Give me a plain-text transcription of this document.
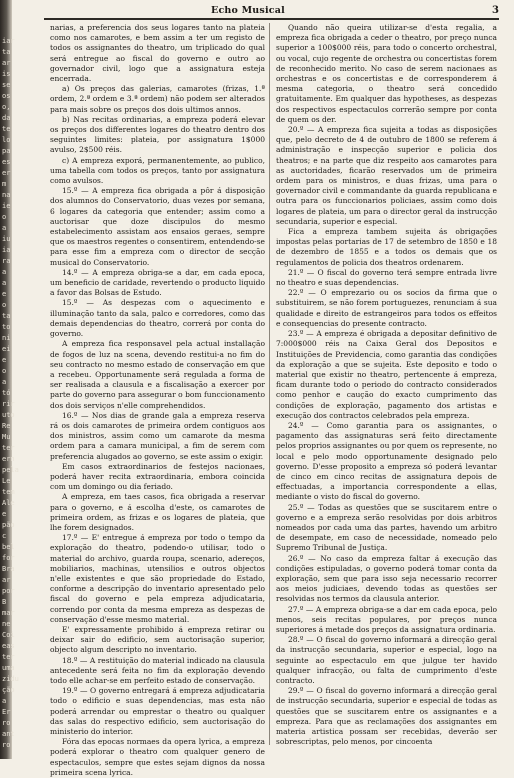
iar
ta
ar
is
se
os
o,
da
te
lo
pa
es
er
m
na
ie
o
a
iu
ia
ra
a
a
e
o
ta
to
ni
ei
e
o
a
tó
rir
uto
Re
Mu
ter
ern
pela
Le
tem
Ale
e
pão
c
bel
for
Bra
ar
por
B
mar
ne
Coi
eas
ter
uma
zidu
ção
a
Er
ro
ant
ro
Echo Musical	3

narias, a preferencia dos seus logares tanto na plateia como nos camarotes, e bem assim a ter um registo de todos os assignantes do theatro, um triplicado do qual será entregue ao fiscal do governo e outro ao governador civil, logo que a assignatura esteja encerrada.

a) Os preços das galerias, camarotes (frizas, 1.ª ordem, 2.ª ordem e 3.ª ordem) não podem ser alterados para mais sobre os preços dos dois ultimos annos.

b) Nas recitas ordinarias, a empreza poderá elevar os preços dos differentes logares do theatro dentro dos seguintes limites: plateia, por assignatura 1$000 avulso, 2$500 réis.

c) A empreza exporá, permanentemente, ao publico, uma tabella com todos os preços, tanto por assignatura como avulsos.

15.º — A empreza fica obrigada a pôr á disposição dos alumnos do Conservatorio, duas vezes por semana, 6 logares da categoria que entender; assim como a auctorisar que doze discipulos do mesmo estabelecimento assistam aos ensaios geraes, sempre que os maestros regentes o consentirem, entendendo-se para esse fim a empreza com o director de secção musical do Conservatorio.

14.º — A empreza obriga-se a dar, em cada epoca, um beneficio de caridade, revertendo o producto liquido a favor das Bolsas de Estudo.

15.º — As despezas com o aquecimento e illuminação tanto da sala, palco e corredores, como das demais dependencias do theatro, correrá por conta do governo.

A empreza fica responsavel pela actual installação de fogos de luz na scena, devendo restitui-a no fim do seu contracto no mesmo estado de conservação em que a recebeu. Opportunamente será regulada a forma de ser realisada a clausula e a fiscalisação a exercer por parte do governo para assegurar o bom funccionamento dos dois serviços n'elle comprehendidos.

16.º — Nos dias de grande gala a empreza reserva rá os dois camarotes de primeira ordem contiguos aos dos ministros, assim como um camarote da mesma ordem para a camara municipal, a fim de serem com preferencia alugados ao governo, se este assim o exigir.

Em casos extraordinarios de festejos nacionaes, poderá haver recita extraordinaria, embora coincida com um domingo ou dia feriado.

A empreza, em taes casos, fica obrigada a reservar para o governo, e á escolha d'este, os camarotes de primeira ordem, as frizas e os logares de plateia, que lhe forem designados.

17.º — E' entregue á empreza por todo o tempo da exploração do theatro, podendo-o utilisar, todo o material do archivo, guarda roupa, scenario, adereços, mobiliarios, machinas, utensilios e outros objectos n'elle existentes e que são propriedade do Estado, conforme a descripção do inventario apresentado pelo fiscal do governo e pela empreza adjudicataria, correndo por conta da mesma empreza as despezas de conservação d'esse mesmo material.

E' expressamente prohibido á empreza retirar ou deixar sair do edificio, sem auctorisação superior, objecto algum descripto no inventario.

18.º — A restituição do material indicado na clausula antecedente será feita no fim da exploração devendo todo elle achar-se em perfeito estado de conservação.

19.º — O governo entregará á empreza adjudicataria todo o edificio e suas dependencias, mas esta não poderá arrendar ou emprestar o theatro ou qualquer das salas do respectivo edificio, sem auctorisação do ministerio do interior.

Fóra das epocas normaes da opera lyrica, a empreza poderá explorar o theatro com qualquer genero de espectaculos, sempre que estes sejam dignos da nossa primeira scena lyrica.

Quando não queira utilizar-se d'esta regalia, a empreza fica obrigada a ceder o theatro, por preço nunca superior a 100$000 réis, para todo o concerto orchestral, ou vocal, cujo regente de orchestra ou concertistas forem de reconhecido merito. No caso de serem nacionaes as orchestras e os concertistas e de corresponderem á mesma categoria, o theatro será concedido gratuitamente. Em qualquer das hypotheses, as despezas dos respectivos espectaculos correrão sempre por conta de quem os der.

20.º — A empreza fica sujeita a todas as disposições que, pelo decreto de 4 de outubro de 1800 se referem á administração e inspecção superior e policia dos theatros; e na parte que diz respeito aos camarotes para as auctoridades, ficarão reservados um de primeira ordem para os ministros, e duas frizas, uma para o governador civil e commandante da guarda republicana e outra para os funccionarios policiaes, assim como dois logares de plateia, um para o director geral da instrucção secundaria, superior e especial.

Fica a empreza tambem sujeita ás obrigações impostas pelas portarias de 17 de setembro de 1850 e 18 de dezembro de 1855 e a todos os demais que os regulamentos de policia dos theatros ordenarem.

21.º — O fiscal do governo terá sempre entrada livre no theatro e suas dependencias.

22.º — O emprezario ou os socios da firma que o substituirem, se não forem portuguezes, renunciam á sua qualidade e direito de estrangeiros para todos os effeitos e consequencias do presente contracto.

23.º — A empreza é obrigada a depositar definitivo de 7:000$000 réis na Caixa Geral dos Depositos e Instituições de Previdencia, como garantia das condições da exploração a que se sujeita. Este deposito e todo o material que existir no theatro, pertencente á empreza, ficam durante todo o periodo do contracto considerados como penhor e caução do exacto cumprimento das condições de exploração, pagamento dos artistas e execução dos contractos celebrados pela empreza.

24.º — Como garantia para os assignantes, o pagamento das assignaturas será feito directamente pelos proprios assignantes ou por quem os represente, no local e pelo modo opportunamente designado pelo governo. D'esse proposito a empreza só poderá levantar de cinco em cinco recitas de assignatura depois de effectuadas, a importancia correspondente a ellas, mediante o visto do fiscal do governo.

25.º — Todas as questões que se suscitarem entre o governo e a empreza serão resolvidas por dois arbitros nomeados por cada uma das partes, havendo um arbitro de desempate, em caso de necessidade, nomeado pelo Supremo Tribunal de Justiça.

26.º — No caso da empreza faltar á execução das condições estipuladas, o governo poderá tomar conta da exploração, sem que para isso seja necessario recorrer aos meios judiciaes, devendo todas as questões ser resolvidas nos termos da clausula anterior.

27.º — A empreza obriga-se a dar em cada epoca, pelo menos, seis recitas populares, por preços nunca superiores á metade dos preços da assignatura ordinaria.

28.º — O fiscal do governo informará a direcção geral da instrucção secundaria, superior e especial, logo na seguinte ao espectaculo em que julgue ter havido qualquer infracção, ou falta de cumprimento d'este contracto.

29.º — O fiscal do governo informará a direcção geral de instrucção secundaria, superior e especial de todas as questões que se suscitarem entre os assignantes e a empreza. Para que as reclamações dos assignantes em materia artistica possam ser recebidas, deverão ser sobrescriptas, pelo menos, por cincoenta
